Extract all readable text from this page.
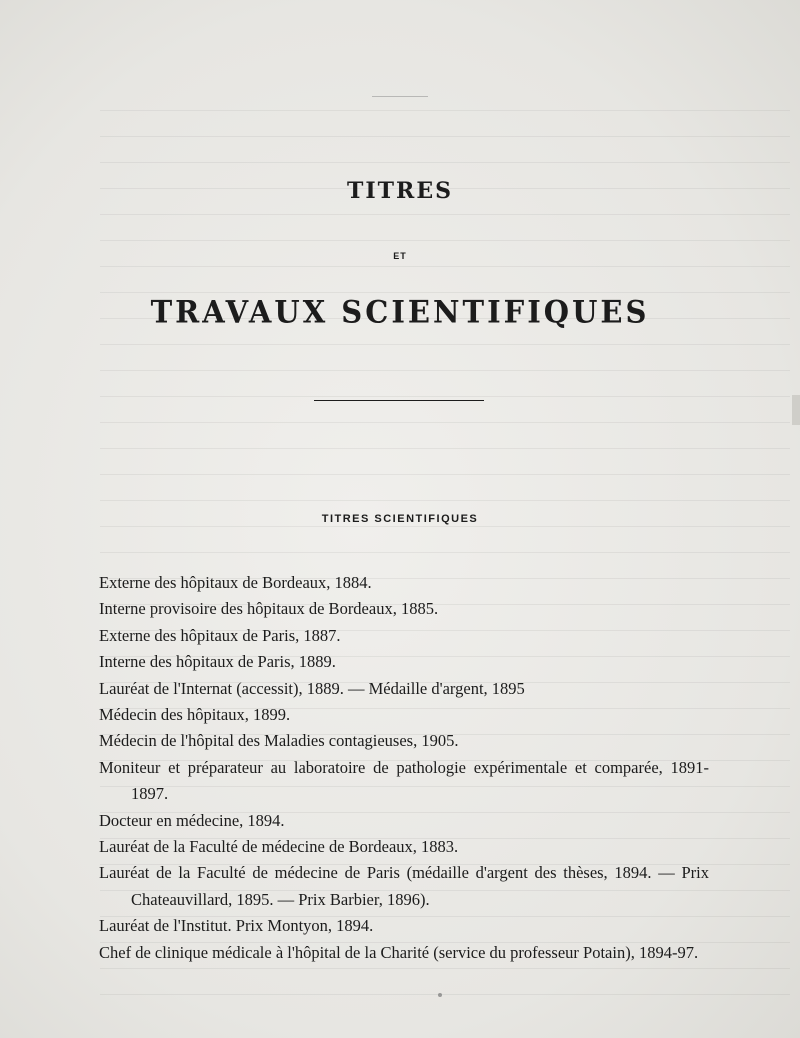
TITRES
ET
TRAVAUX SCIENTIFIQUES
TITRES SCIENTIFIQUES
Externe des hôpitaux de Bordeaux, 1884.
Interne provisoire des hôpitaux de Bordeaux, 1885.
Externe des hôpitaux de Paris, 1887.
Interne des hôpitaux de Paris, 1889.
Lauréat de l'Internat (accessit), 1889. — Médaille d'argent, 1895
Médecin des hôpitaux, 1899.
Médecin de l'hôpital des Maladies contagieuses, 1905.
Moniteur et préparateur au laboratoire de pathologie expérimentale et comparée, 1891-1897.
Docteur en médecine, 1894.
Lauréat de la Faculté de médecine de Bordeaux, 1883.
Lauréat de la Faculté de médecine de Paris (médaille d'argent des thèses, 1894. — Prix Chateauvillard, 1895. — Prix Barbier, 1896).
Lauréat de l'Institut. Prix Montyon, 1894.
Chef de clinique médicale à l'hôpital de la Charité (service du professeur Potain), 1894-97.
